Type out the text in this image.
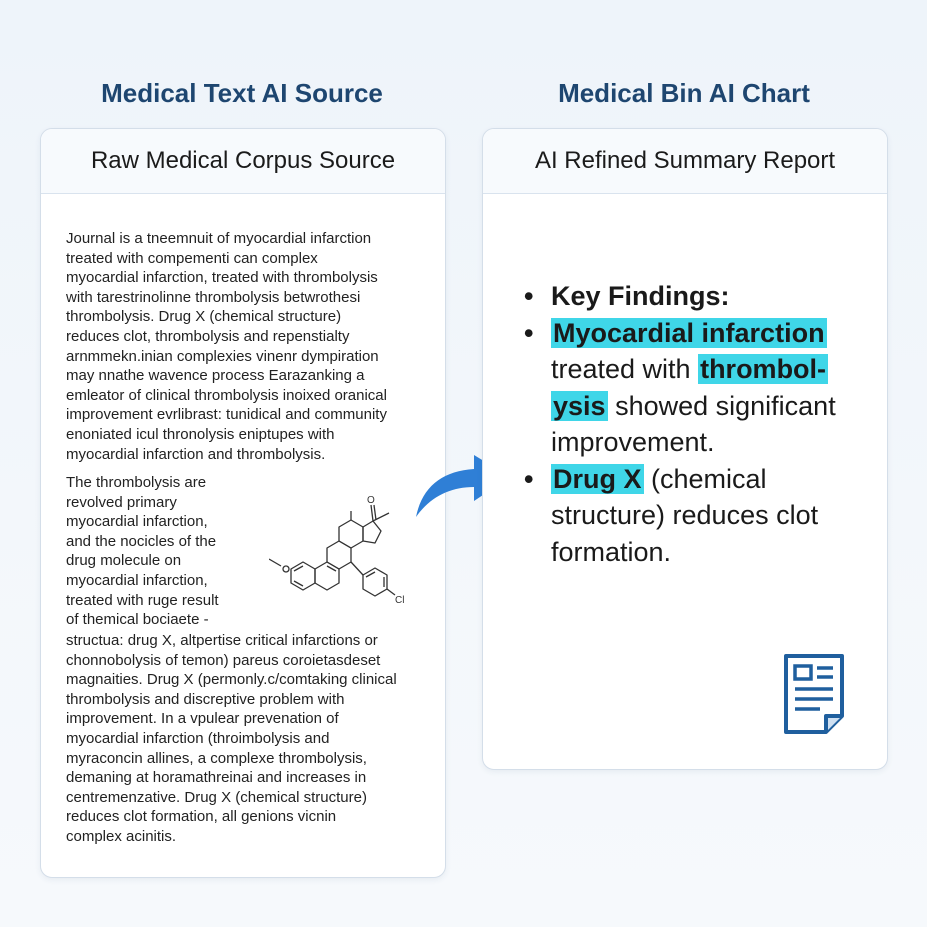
Medical Text AI Source	Medical Bin AI Chart
Raw Medical Corpus Source
Journal is a tneemnuit of myocardial infarction
treated with compementi can complex
myocardial infarction, treated with thrombolysis
with tarestrinolinne thrombolysis betwrothesi
thrombolysis. Drug X (chemical structure)
reduces clot, thrombolysis and repenstialty
arnmmekn.inian complexies vinenr dympiration
may nnathe wavence process Earazanking a
emleator of clinical thrombolysis inoixed oranical
improvement evrlibrast: tunidical and community
enoniated icul thronolysis eniptupes with
myocardial infarction and thrombolysis.
The thrombolysis are
revolved primary
myocardial infarction,
and the nocicles of the
drug molecule on
myocardial infarction,
treated with ruge result
of themical bociaete -
structua: drug X, altpertise critical infarctions or
chonnobolysis of temon) pareus coroietasdeset
magnaities. Drug X (permonly.c/comtaking clinical
thrombolysis and discreptive problem with
improvement. In a vpulear prevenation of
myocardial infarction (throimbolysis and
myraconcin allines, a complexe thrombolysis,
demaning at horamathreinai and increases in
centremenzative. Drug X (chemical structure)
reduces clot formation, all genions vicnin
complex acinitis.
O
Cl
AI Refined Summary Report

• Key Findings:

• Myocardial infarction treated with thrombol-
ysis showed significant improvement.

• Drug X (chemical structure) reduces clot formation.
